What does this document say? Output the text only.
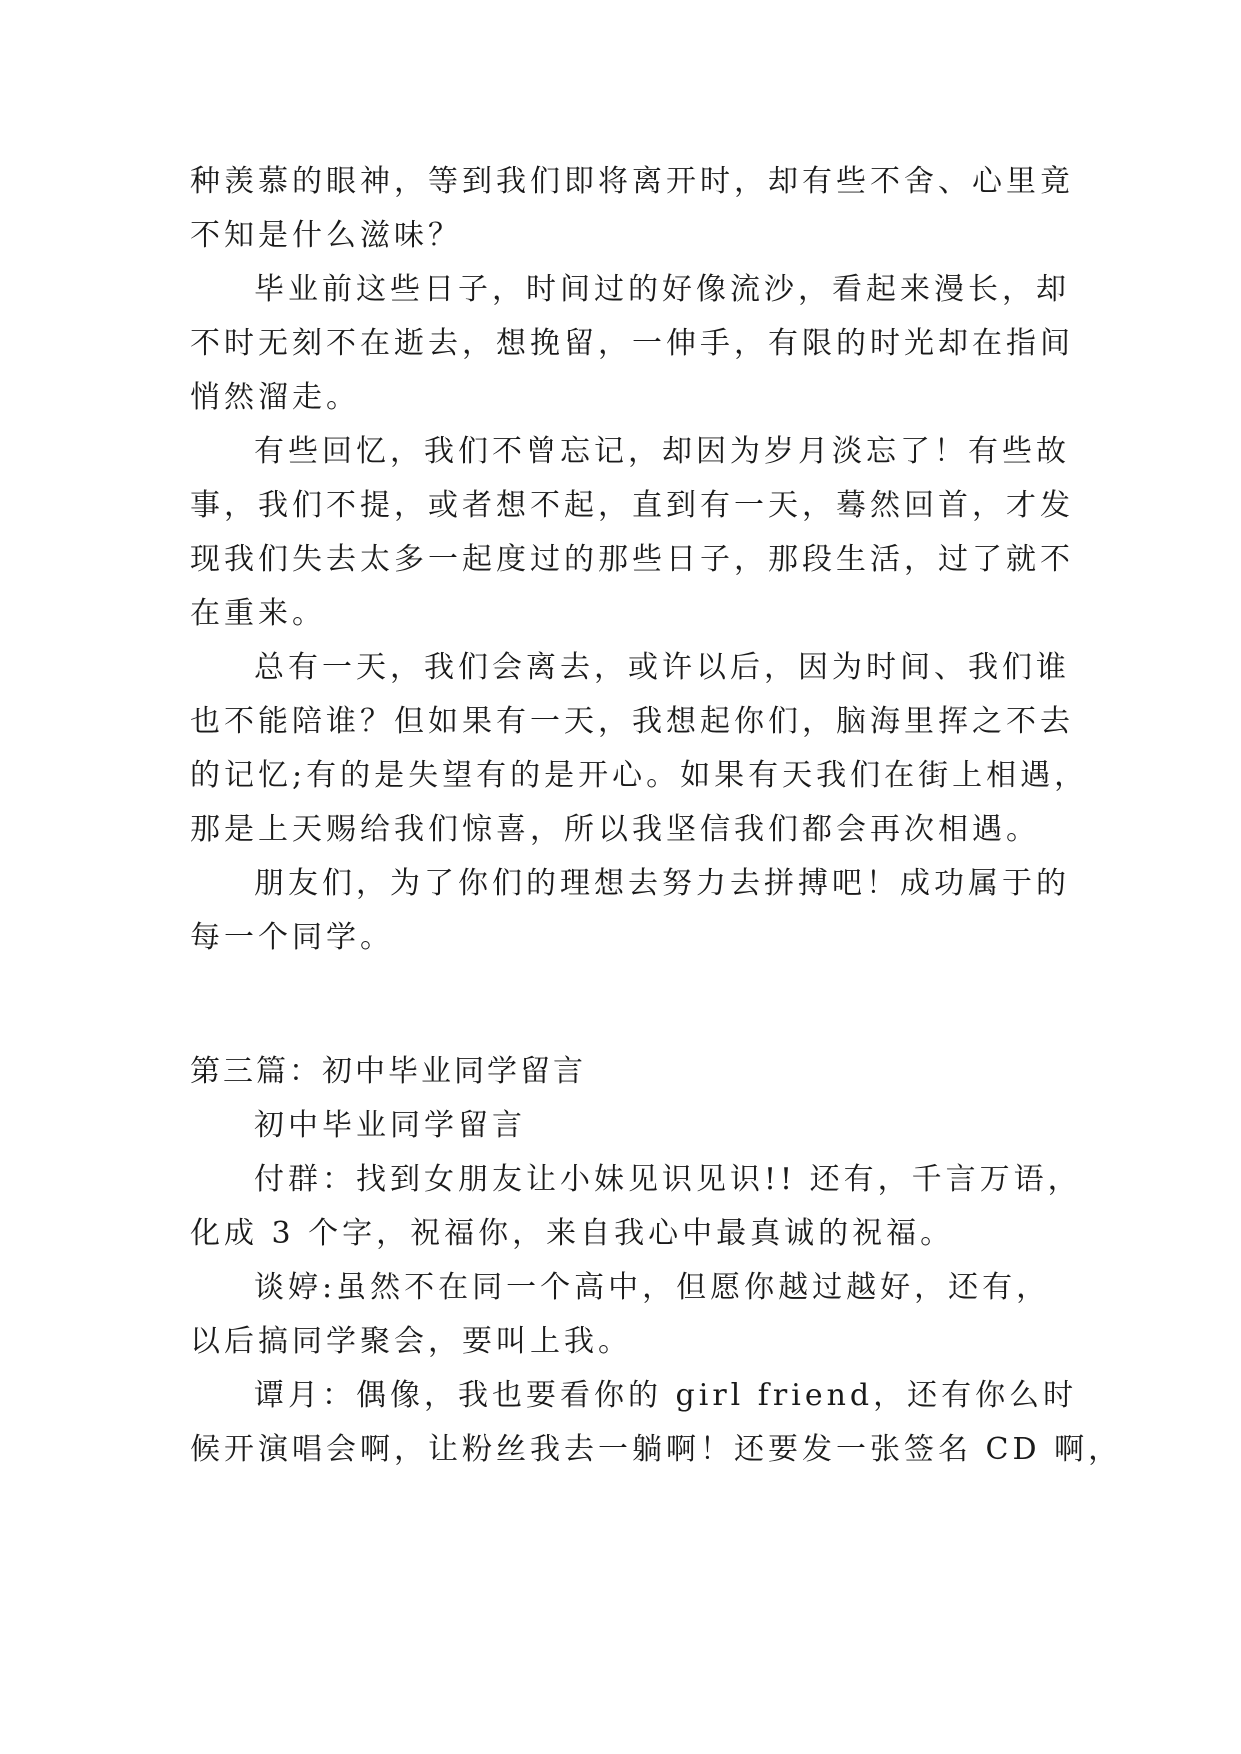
种羡慕的眼神，等到我们即将离开时，却有些不舍、心里竟
不知是什么滋味？
毕业前这些日子，时间过的好像流沙，看起来漫长，却
不时无刻不在逝去，想挽留，一伸手，有限的时光却在指间
悄然溜走。
有些回忆，我们不曾忘记，却因为岁月淡忘了！有些故
事，我们不提，或者想不起，直到有一天，蓦然回首，才发
现我们失去太多一起度过的那些日子，那段生活，过了就不
在重来。
总有一天，我们会离去，或许以后，因为时间、我们谁
也不能陪谁？但如果有一天，我想起你们，脑海里挥之不去
的记忆;有的是失望有的是开心。如果有天我们在街上相遇，
那是上天赐给我们惊喜，所以我坚信我们都会再次相遇。
朋友们，为了你们的理想去努力去拼搏吧！成功属于的
每一个同学。
第三篇：初中毕业同学留言
初中毕业同学留言
付群：找到女朋友让小妹见识见识!! 还有，千言万语，
化成 3 个字，祝福你，来自我心中最真诚的祝福。
谈婷:虽然不在同一个高中，但愿你越过越好，还有，
以后搞同学聚会，要叫上我。
谭月：偶像，我也要看你的 girl friend，还有你么时
候开演唱会啊，让粉丝我去一躺啊！还要发一张签名 CD 啊，
